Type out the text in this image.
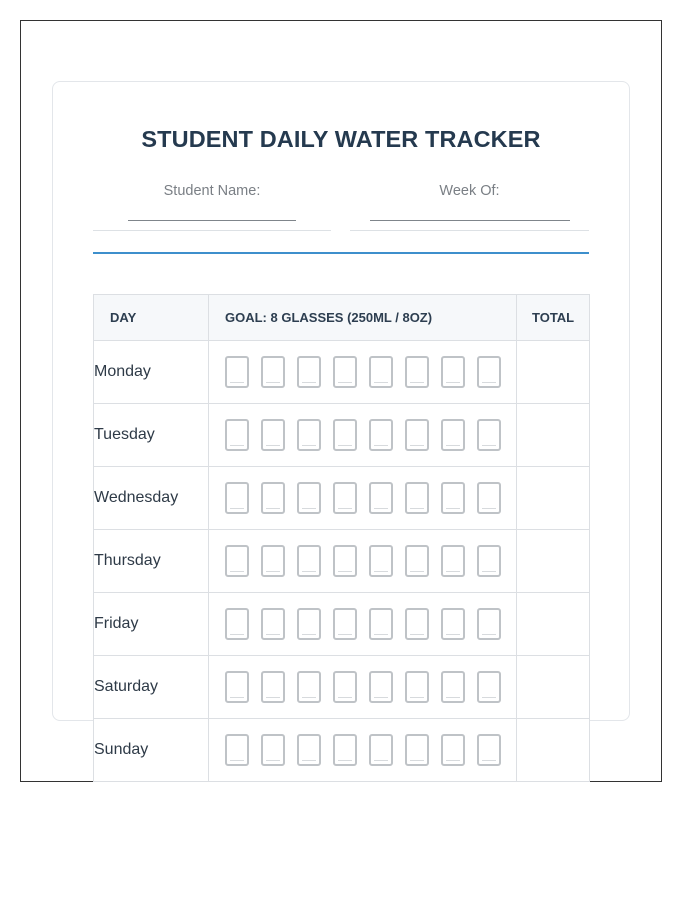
STUDENT DAILY WATER TRACKER
Student Name:	Week Of:
DAY	GOAL: 8 GLASSES (250ML / 8OZ)	TOTAL
Monday	

Tuesday	

Wednesday	

Thursday	

Friday	

Saturday	

Sunday	
